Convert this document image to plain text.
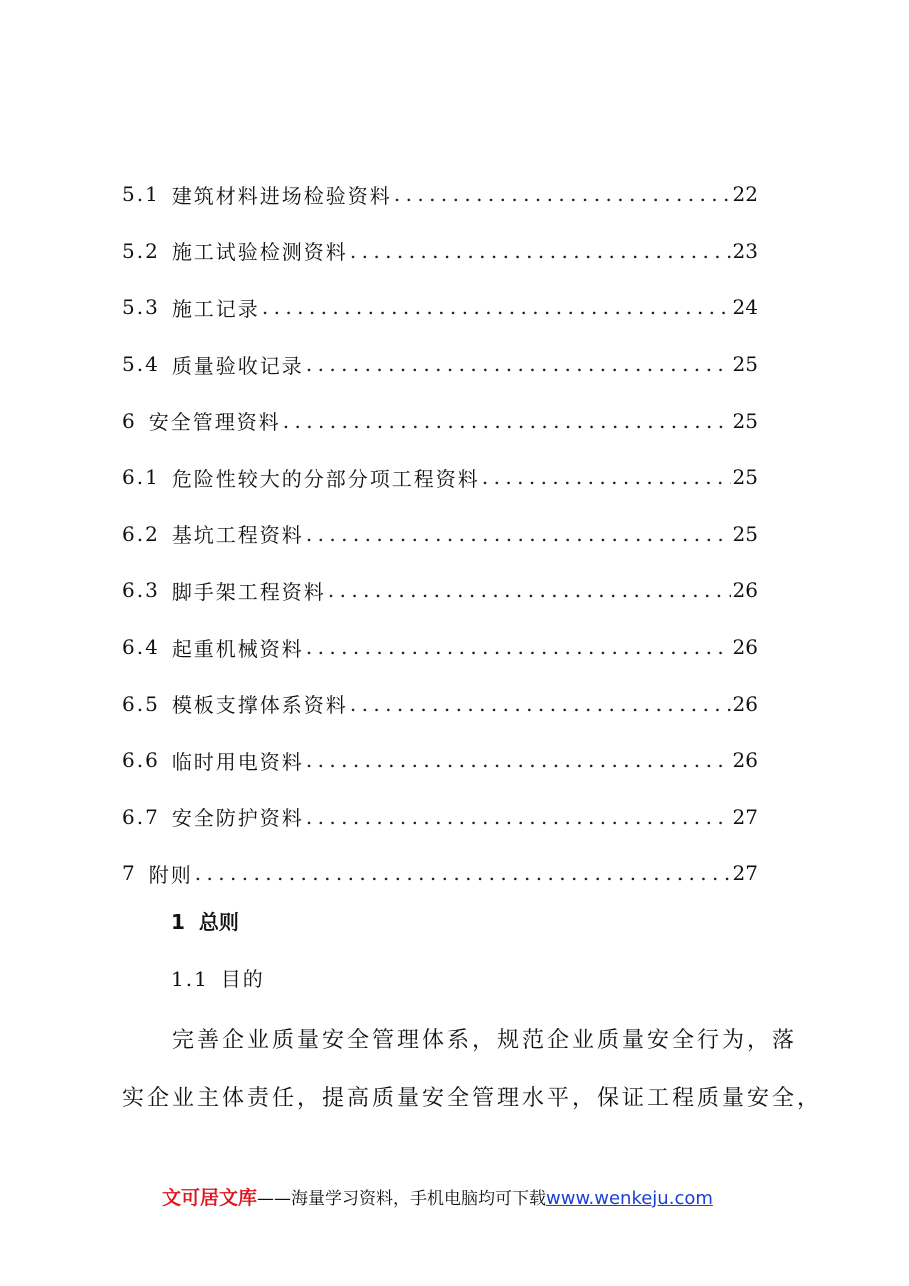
5.1 建筑材料进场检验资料 .....	22
5.2 施工试验检测资料 .....	23
5.3 施工记录 .....	24
5.4 质量验收记录 .....	25
6 安全管理资料 .....	25
6.1 危险性较大的分部分项工程资料 .....	25
6.2 基坑工程资料 .....	25
6.3 脚手架工程资料 .....	26
6.4 起重机械资料 .....	26
6.5 模板支撑体系资料 .....	26
6.6 临时用电资料 .....	26
6.7 安全防护资料 .....	27
7 附则 .....	27
1 总则
1.1 目的
完善企业质量安全管理体系，规范企业质量安全行为，落
实企业主体责任，提高质量安全管理水平，保证工程质量安全，
文可居文库——海量学习资料，手机电脑均可下载www.wenkeju.com
